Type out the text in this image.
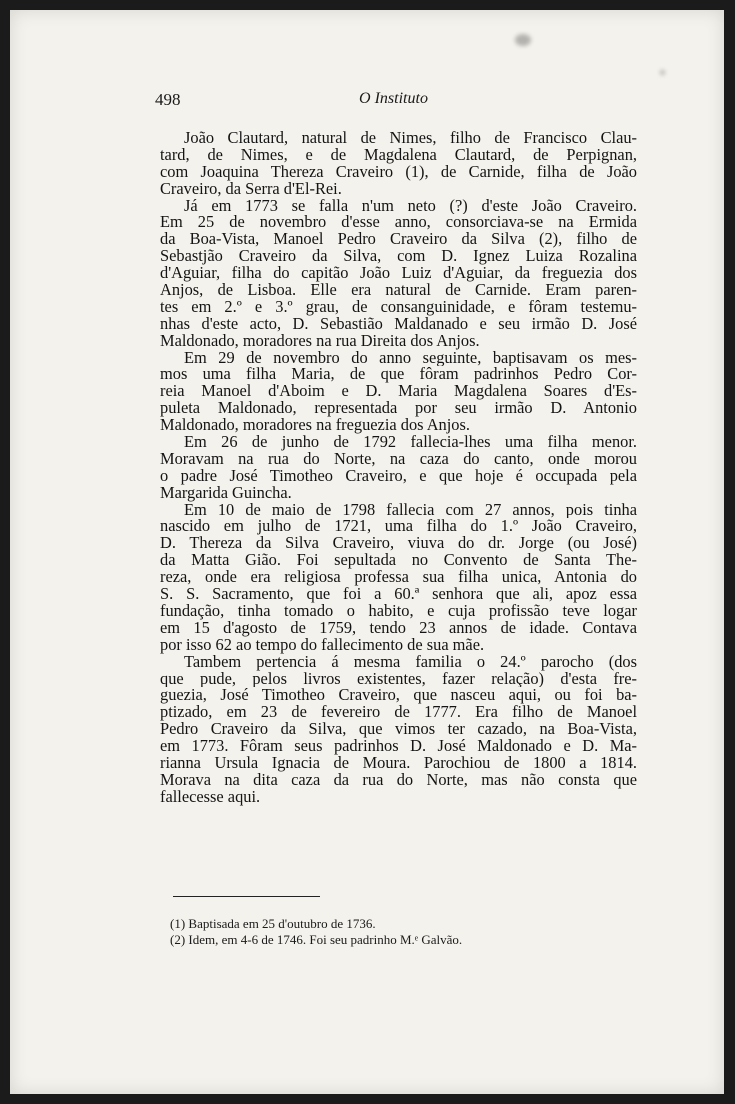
498	O Instituto
João Clautard, natural de Nimes, filho de Francisco Clau-
tard, de Nimes, e de Magdalena Clautard, de Perpignan,
com Joaquina Thereza Craveiro (1), de Carnide, filha de João
Craveiro, da Serra d'El-Rei.
Já em 1773 se falla n'um neto (?) d'este João Craveiro.
Em 25 de novembro d'esse anno, consorciava-se na Ermida
da Boa-Vista, Manoel Pedro Craveiro da Silva (2), filho de
Sebastjão Craveiro da Silva, com D. Ignez Luiza Rozalina
d'Aguiar, filha do capitão João Luiz d'Aguiar, da freguezia dos
Anjos, de Lisboa. Elle era natural de Carnide. Eram paren-
tes em 2.º e 3.º grau, de consanguinidade, e fôram testemu-
nhas d'este acto, D. Sebastião Maldanado e seu irmão D. José
Maldonado, moradores na rua Direita dos Anjos.
Em 29 de novembro do anno seguinte, baptisavam os mes-
mos uma filha Maria, de que fôram padrinhos Pedro Cor-
reia Manoel d'Aboim e D. Maria Magdalena Soares d'Es-
puleta Maldonado, representada por seu irmão D. Antonio
Maldonado, moradores na freguezia dos Anjos.
Em 26 de junho de 1792 fallecia-lhes uma filha menor.
Moravam na rua do Norte, na caza do canto, onde morou
o padre José Timotheo Craveiro, e que hoje é occupada pela
Margarida Guincha.
Em 10 de maio de 1798 fallecia com 27 annos, pois tinha
nascido em julho de 1721, uma filha do 1.º João Craveiro,
D. Thereza da Silva Craveiro, viuva do dr. Jorge (ou José)
da Matta Gião. Foi sepultada no Convento de Santa The-
reza, onde era religiosa professa sua filha unica, Antonia do
S. S. Sacramento, que foi a 60.ª senhora que ali, apoz essa
fundação, tinha tomado o habito, e cuja profissão teve logar
em 15 d'agosto de 1759, tendo 23 annos de idade. Contava
por isso 62 ao tempo do fallecimento de sua mãe.
Tambem pertencia á mesma familia o 24.º parocho (dos
que pude, pelos livros existentes, fazer relação) d'esta fre-
guezia, José Timotheo Craveiro, que nasceu aqui, ou foi ba-
ptizado, em 23 de fevereiro de 1777. Era filho de Manoel
Pedro Craveiro da Silva, que vimos ter cazado, na Boa-Vista,
em 1773. Fôram seus padrinhos D. José Maldonado e D. Ma-
rianna Ursula Ignacia de Moura. Parochiou de 1800 a 1814.
Morava na dita caza da rua do Norte, mas não consta que
fallecesse aqui.
(1) Baptisada em 25 d'outubro de 1736.
(2) Idem, em 4-6 de 1746. Foi seu padrinho M.ᵉ Galvão.
